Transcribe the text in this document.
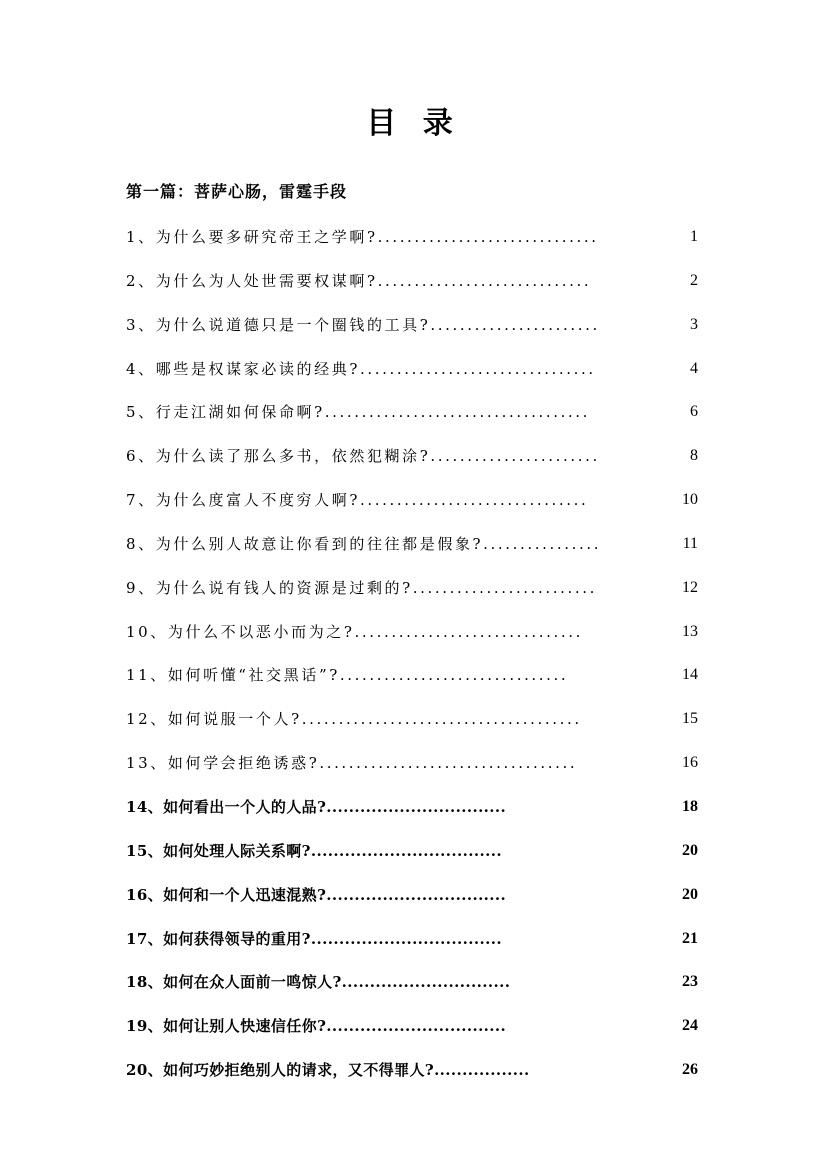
目 录
第一篇：菩萨心肠，雷霆手段
1、为什么要多研究帝王之学啊?..............................	1
2、为什么为人处世需要权谋啊?.............................	2
3、为什么说道德只是一个圈钱的工具?.......................	3
4、哪些是权谋家必读的经典?................................	4
5、行走江湖如何保命啊?....................................	6
6、为什么读了那么多书，依然犯糊涂?.......................	8
7、为什么度富人不度穷人啊?...............................	10
8、为什么别人故意让你看到的往往都是假象?................	11
9、为什么说有钱人的资源是过剩的?.........................	12
10、为什么不以恶小而为之?...............................	13
11、如何听懂“社交黑话”?...............................	14
12、如何说服一个人?......................................	15
13、如何学会拒绝诱惑?...................................	16
14、如何看出一个人的人品?................................	18
15、如何处理人际关系啊?..................................	20
16、如何和一个人迅速混熟?................................	20
17、如何获得领导的重用?..................................	21
18、如何在众人面前一鸣惊人?..............................	23
19、如何让别人快速信任你?................................	24
20、如何巧妙拒绝别人的请求，又不得罪人?.................	26
